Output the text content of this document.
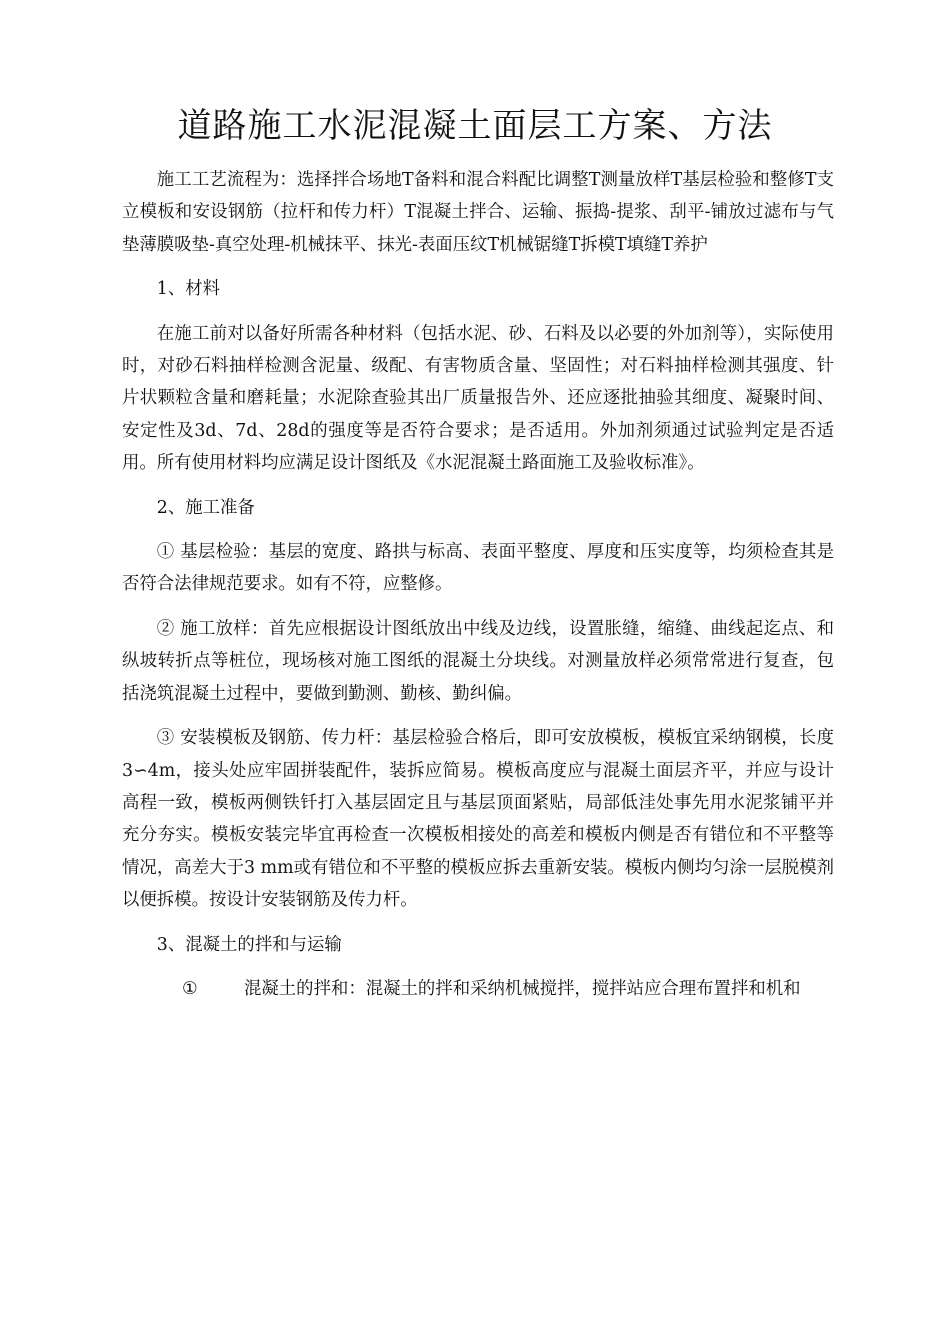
道路施工水泥混凝土面层工方案、方法

施工工艺流程为：选择拌合场地T备料和混合料配比调整T测量放样T基层检验和整修T支立模板和安设钢筋（拉杆和传力杆）T混凝土拌合、运输、振捣-提浆、刮平-铺放过滤布与气垫薄膜吸垫-真空处理-机械抹平、抹光-表面压纹T机械锯缝T拆模T填缝T养护

1、材料

在施工前对以备好所需各种材料（包括水泥、砂、石料及以必要的外加剂等），实际使用时，对砂石料抽样检测含泥量、级配、有害物质含量、坚固性；对石料抽样检测其强度、针片状颗粒含量和磨耗量；水泥除查验其出厂质量报告外、还应逐批抽验其细度、凝聚时间、安定性及3d、7d、28d的强度等是否符合要求；是否适用。外加剂须通过试验判定是否适用。所有使用材料均应满足设计图纸及《水泥混凝土路面施工及验收标准》。

2、施工准备

① 基层检验：基层的宽度、路拱与标高、表面平整度、厚度和压实度等，均须检查其是否符合法律规范要求。如有不符，应整修。

② 施工放样：首先应根据设计图纸放出中线及边线，设置胀缝，缩缝、曲线起迄点、和纵坡转折点等桩位，现场核对施工图纸的混凝土分块线。对测量放样必须常常进行复查，包括浇筑混凝土过程中，要做到勤测、勤核、勤纠偏。

③ 安装模板及钢筋、传力杆：基层检验合格后，即可安放模板，模板宜采纳钢模，长度3∽4m，接头处应牢固拼装配件，装拆应简易。模板高度应与混凝土面层齐平，并应与设计高程一致，模板两侧铁钎打入基层固定且与基层顶面紧贴，局部低洼处事先用水泥浆铺平并充分夯实。模板安装完毕宜再检查一次模板相接处的高差和模板内侧是否有错位和不平整等情况，高差大于3 mm或有错位和不平整的模板应拆去重新安装。模板内侧均匀涂一层脱模剂以便拆模。按设计安装钢筋及传力杆。

3、混凝土的拌和与运输

①	混凝土的拌和：混凝土的拌和采纳机械搅拌，搅拌站应合理布置拌和机和
